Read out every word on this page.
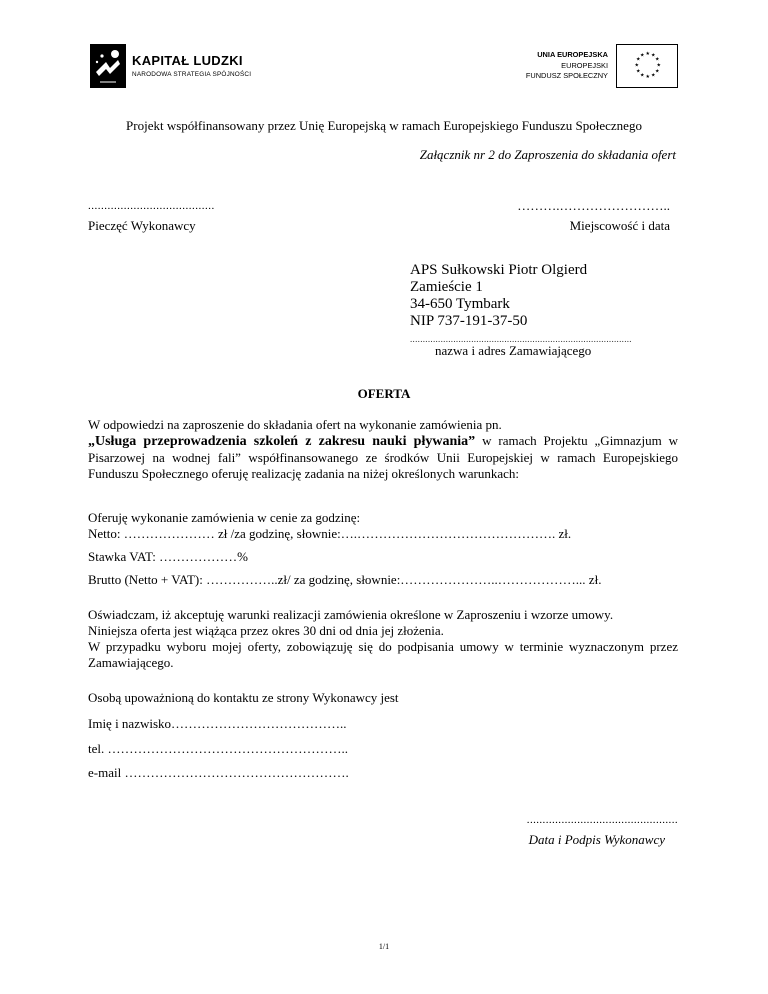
KAPITAŁ LUDZKI
NARODOWA STRATEGIA SPÓJNOŚCI
UNIA EUROPEJSKA
EUROPEJSKI
FUNDUSZ SPOŁECZNY
★ ★
★
★
★
★
★
★
★
★
★
★
Projekt współfinansowany przez Unię Europejską w ramach Europejskiego Funduszu Społecznego
Załącznik nr 2 do Zaproszenia do składania ofert
.......................................
Pieczęć Wykonawcy
……….……………………..
Miejscowość i data
APS Sułkowski Piotr Olgierd
Zamieście 1
34-650 Tymbark
NIP 737-191-37-50
.......................................................................................
nazwa i adres Zamawiającego
OFERTA
W odpowiedzi na zaproszenie do składania ofert na wykonanie zamówienia pn.
„Usługa przeprowadzenia szkoleń z zakresu nauki pływania” w ramach Projektu „Gimnazjum w Pisarzowej na wodnej fali” współfinansowanego ze środków Unii Europejskiej w ramach Europejskiego Funduszu Społecznego oferuję realizację zadania na niżej określonych warunkach:
Oferuję wykonanie zamówienia w cenie za godzinę:
Netto: ………………… zł /za godzinę, słownie:….………………………………………. zł.
Stawka VAT: ………………%
Brutto (Netto + VAT): ……………..zł/ za godzinę, słownie:…………………..………………... zł.
Oświadczam, iż akceptuję warunki realizacji zamówienia określone w Zaproszeniu i wzorze umowy.
Niniejsza oferta jest wiążąca przez okres 30 dni od dnia jej złożenia.
W przypadku wyboru mojej oferty, zobowiązuję się do podpisania umowy w terminie wyznaczonym przez Zamawiającego.
Osobą upoważnioną do kontaktu ze strony Wykonawcy jest
Imię i nazwisko…………………………………..
tel. ………………………………………………..
e-mail …………………………………………….
................................................
Data i Podpis Wykonawcy
1/1
